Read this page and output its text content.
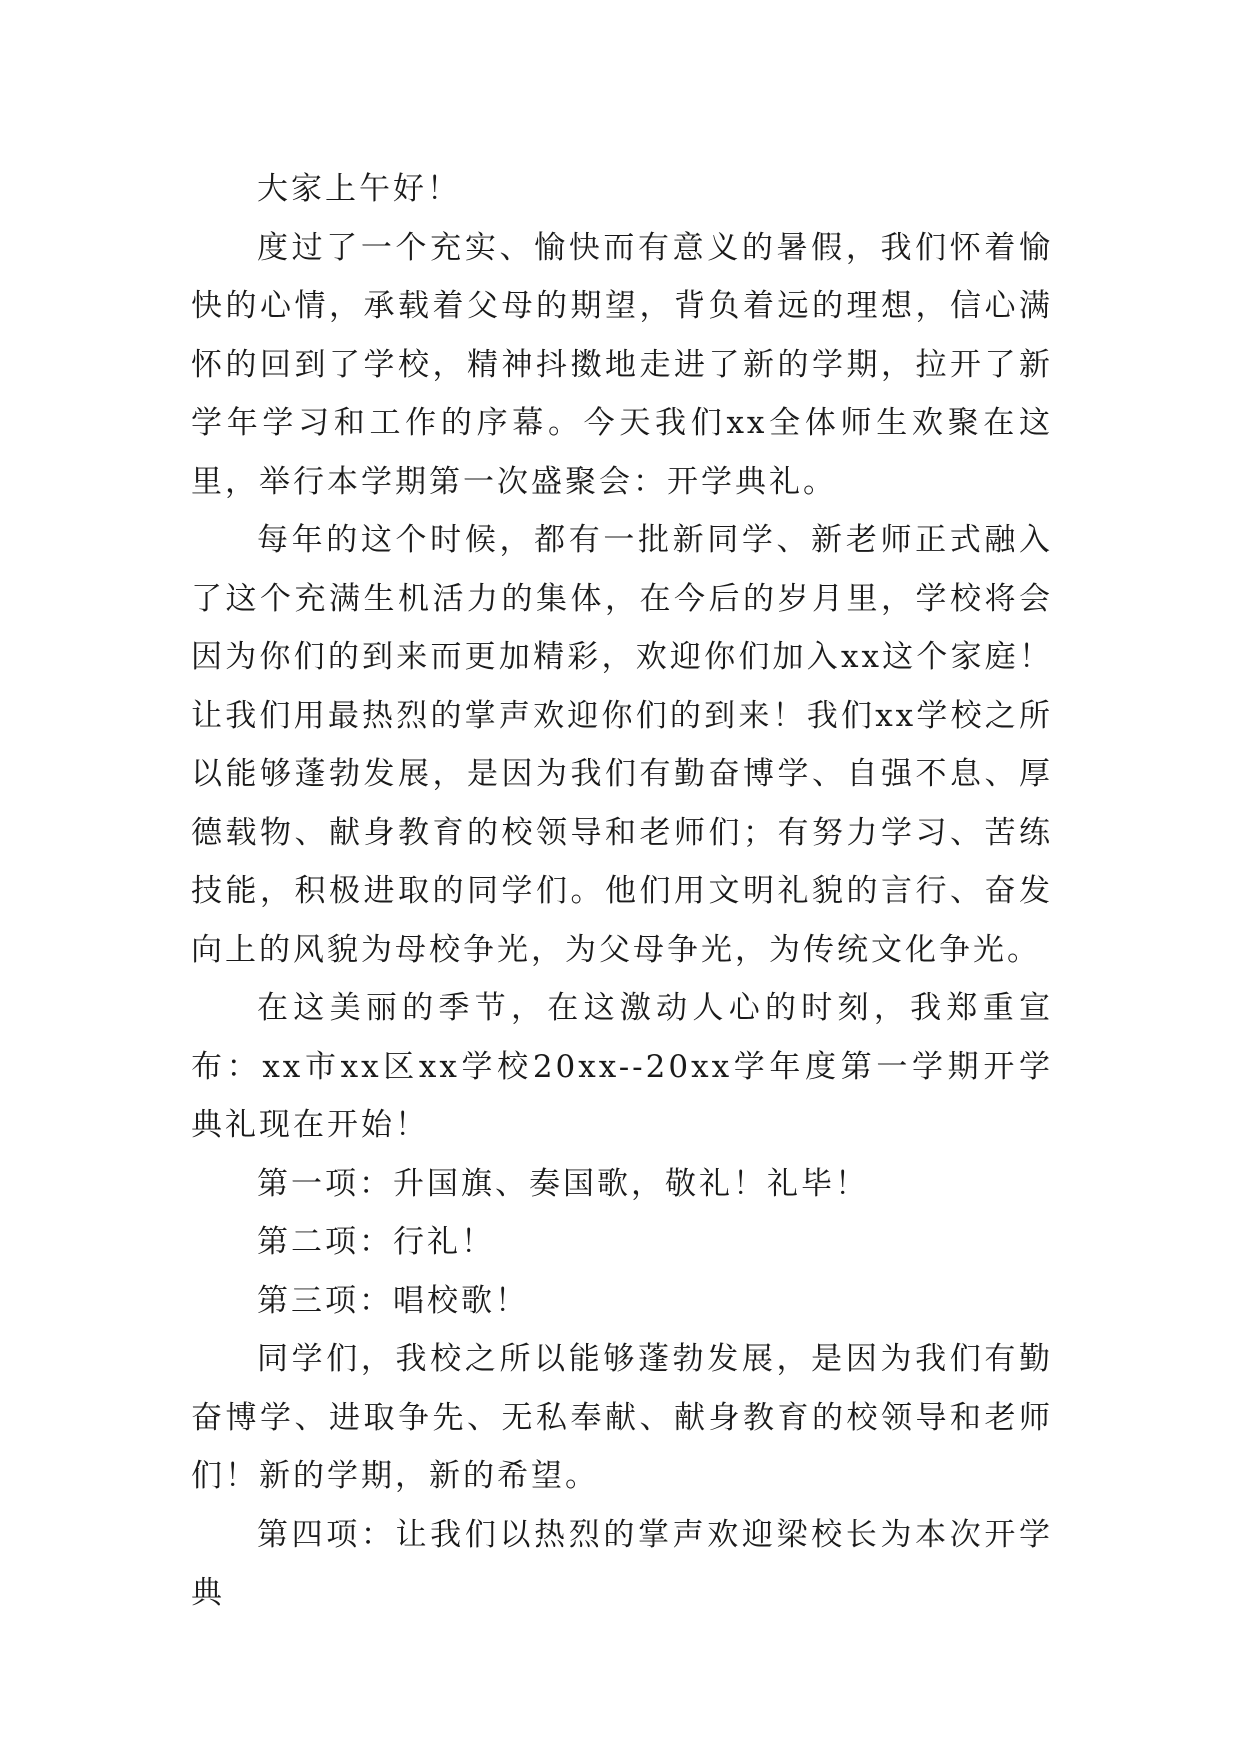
大家上午好！

度过了一个充实、愉快而有意义的暑假，我们怀着愉快的心情，承载着父母的期望，背负着远的理想，信心满怀的回到了学校，精神抖擞地走进了新的学期，拉开了新学年学习和工作的序幕。今天我们xx全体师生欢聚在这里，举行本学期第一次盛聚会：开学典礼。

每年的这个时候，都有一批新同学、新老师正式融入了这个充满生机活力的集体，在今后的岁月里，学校将会因为你们的到来而更加精彩，欢迎你们加入xx这个家庭！让我们用最热烈的掌声欢迎你们的到来！我们xx学校之所以能够蓬勃发展，是因为我们有勤奋博学、自强不息、厚德载物、献身教育的校领导和老师们；有努力学习、苦练技能，积极进取的同学们。他们用文明礼貌的言行、奋发向上的风貌为母校争光，为父母争光，为传统文化争光。

在这美丽的季节，在这激动人心的时刻，我郑重宣布：xx市xx区xx学校20xx--20xx学年度第一学期开学典礼现在开始！

第一项：升国旗、奏国歌，敬礼！礼毕！

第二项：行礼！

第三项：唱校歌！

同学们，我校之所以能够蓬勃发展，是因为我们有勤奋博学、进取争先、无私奉献、献身教育的校领导和老师们！新的学期，新的希望。

第四项：让我们以热烈的掌声欢迎梁校长为本次开学典
